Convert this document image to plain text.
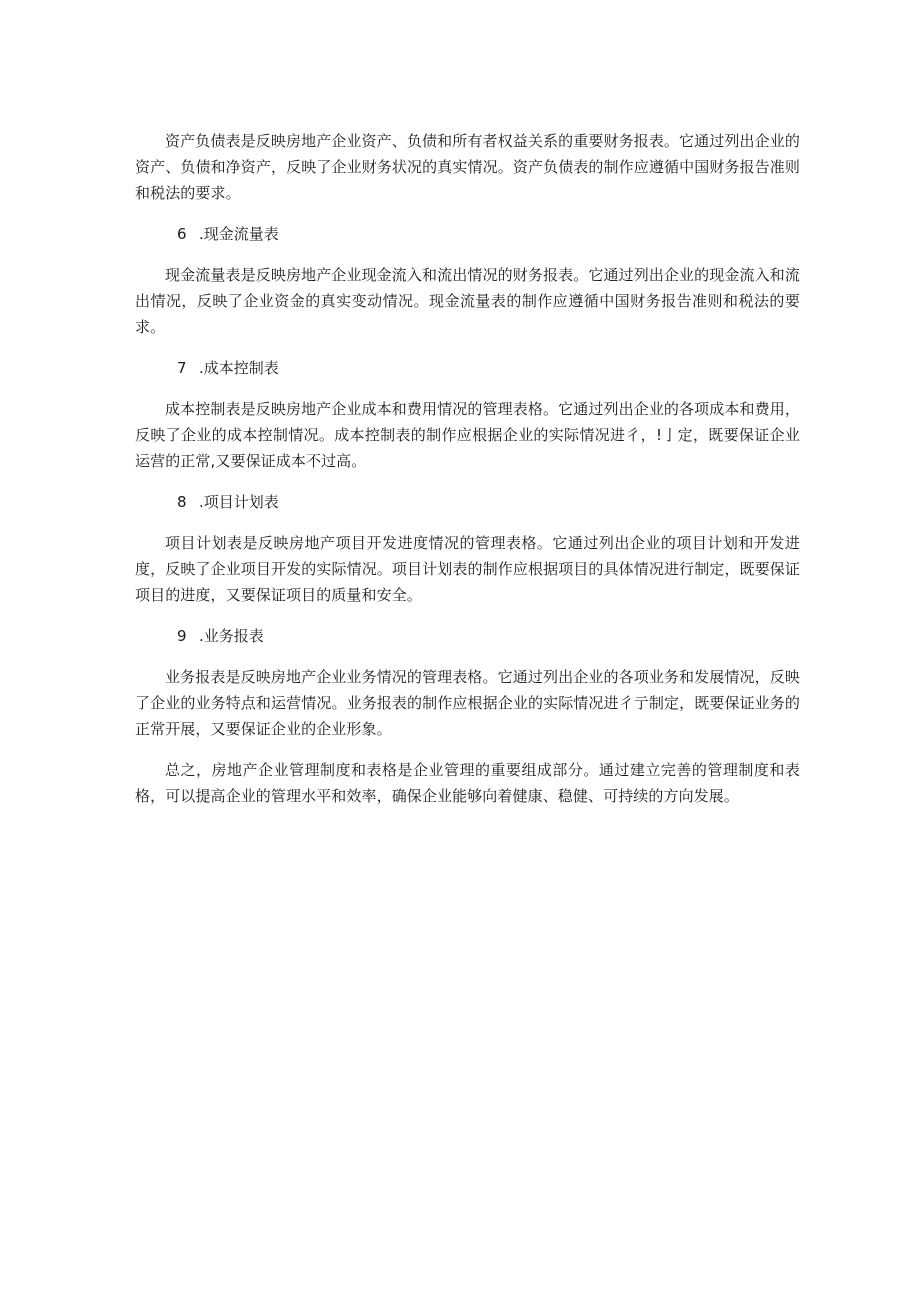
资产负债表是反映房地产企业资产、负债和所有者权益关系的重要财务报表。它通过列出企业的资产、负债和净资产，反映了企业财务状况的真实情况。资产负债表的制作应遵循中国财务报告准则和税法的要求。

6 .现金流量表

现金流量表是反映房地产企业现金流入和流出情况的财务报表。它通过列出企业的现金流入和流出情况，反映了企业资金的真实变动情况。现金流量表的制作应遵循中国财务报告准则和税法的要求。

7 .成本控制表

成本控制表是反映房地产企业成本和费用情况的管理表格。它通过列出企业的各项成本和费用，反映了企业的成本控制情况。成本控制表的制作应根据企业的实际情况进彳，!亅定，既要保证企业运营的正常,又要保证成本不过高。

8 .项目计划表

项目计划表是反映房地产项目开发进度情况的管理表格。它通过列出企业的项目计划和开发进度，反映了企业项目开发的实际情况。项目计划表的制作应根据项目的具体情况进行制定，既要保证项目的进度，又要保证项目的质量和安全。

9 .业务报表

业务报表是反映房地产企业业务情况的管理表格。它通过列出企业的各项业务和发展情况，反映了企业的业务特点和运营情况。业务报表的制作应根据企业的实际情况进彳亍制定，既要保证业务的正常开展，又要保证企业的企业形象。

总之，房地产企业管理制度和表格是企业管理的重要组成部分。通过建立完善的管理制度和表格，可以提高企业的管理水平和效率，确保企业能够向着健康、稳健、可持续的方向发展。
